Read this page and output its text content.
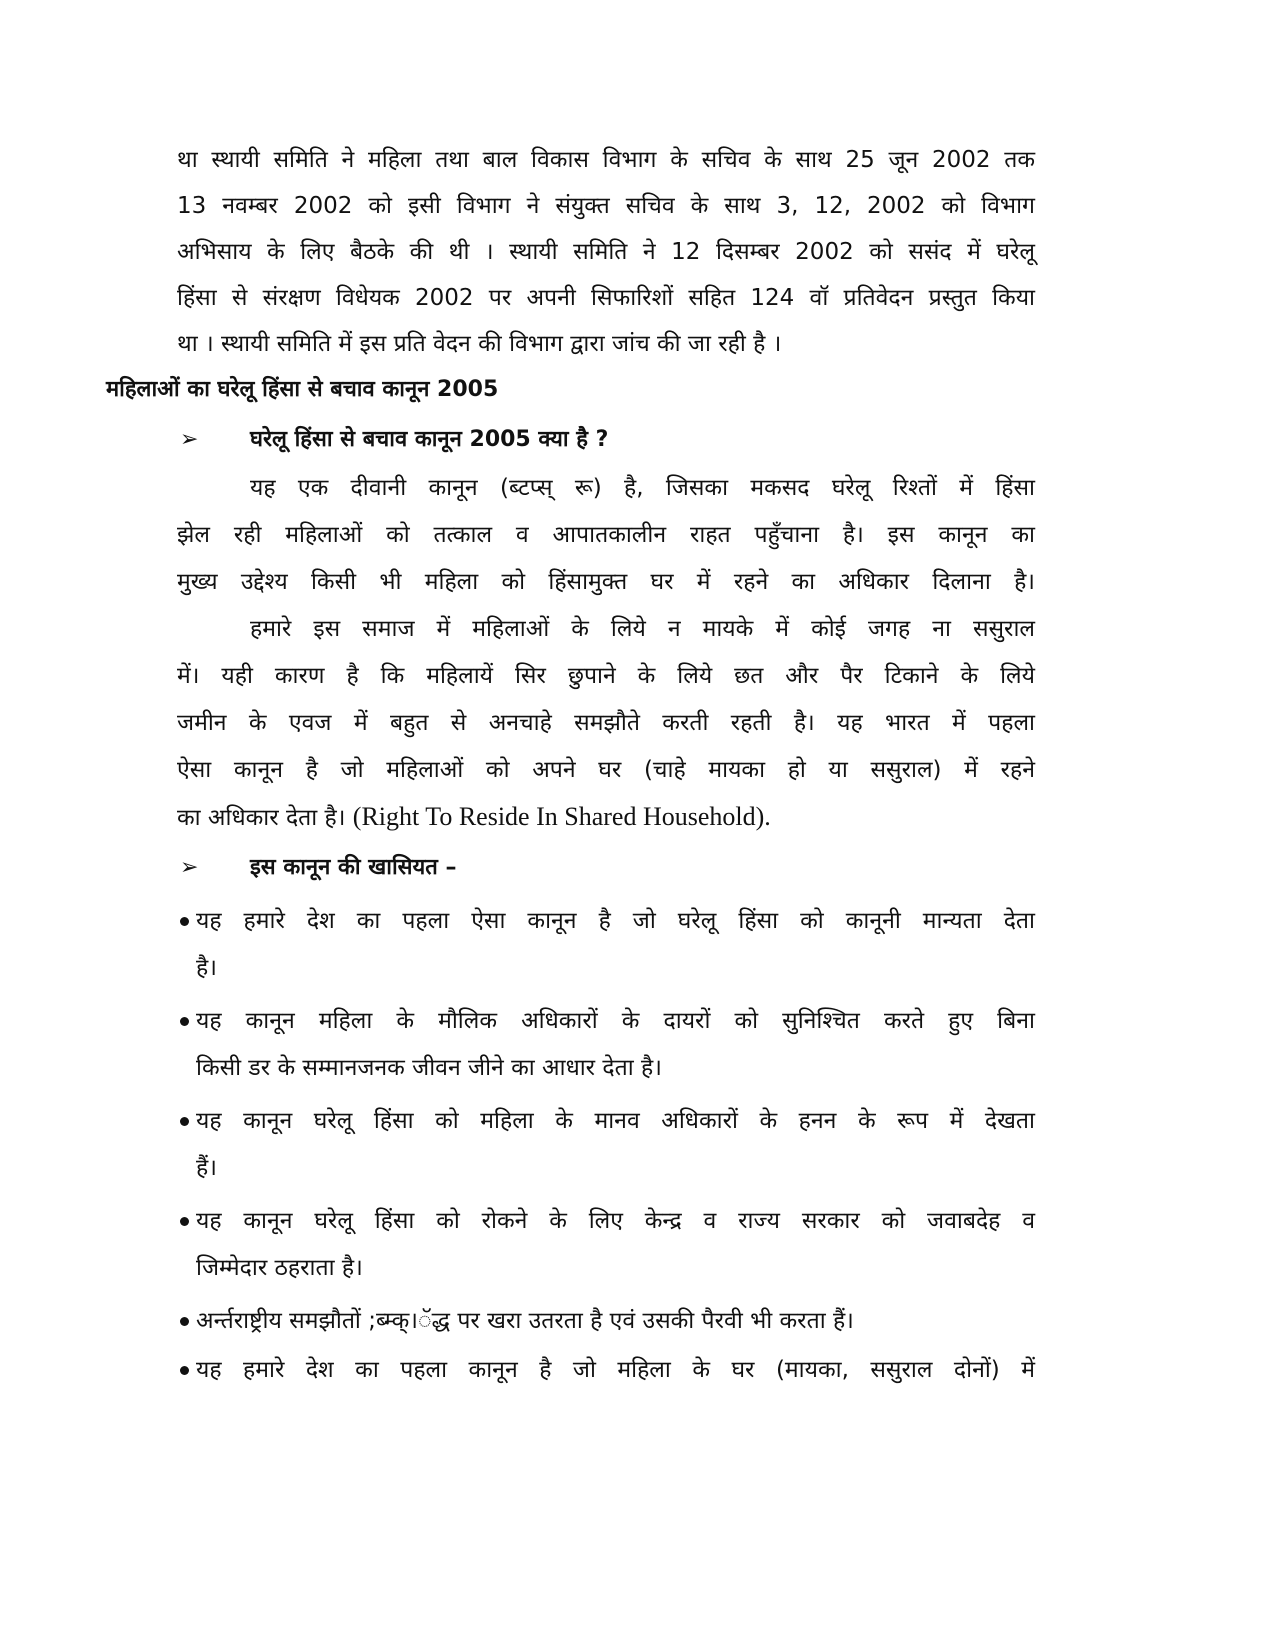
था स्थायी समिति ने महिला तथा बाल विकास विभाग के सचिव के साथ 25 जून 2002 तक
13 नवम्बर 2002 को इसी विभाग ने संयुक्त सचिव के साथ 3, 12, 2002 को विभाग
अभिसाय के लिए बैठके की थी । स्थायी समिति ने 12 दिसम्बर 2002 को ससंद में घरेलू
हिंसा से संरक्षण विधेयक 2002 पर अपनी सिफारिशों सहित 124 वॉ प्रतिवेदन प्रस्तुत किया
था । स्थायी समिति में इस प्रति वेदन की विभाग द्वारा जांच की जा रही है ।
महिलाओं का घरेलू हिंसा से बचाव कानून 2005
➢ घरेलू हिंसा से बचाव कानून 2005 क्या है ?
यह एक दीवानी कानून (ब्टप्स् रू) है, जिसका मकसद घरेलू रिश्तों में हिंसा
झेल रही महिलाओं को तत्काल व आपातकालीन राहत पहुँचाना है। इस कानून का
मुख्य उद्देश्य किसी भी महिला को हिंसामुक्त घर में रहने का अधिकार दिलाना है।
हमारे इस समाज में महिलाओं के लिये न मायके में कोई जगह ना ससुराल
में। यही कारण है कि महिलायें सिर छुपाने के लिये छत और पैर टिकाने के लिये
जमीन के एवज में बहुत से अनचाहे समझौते करती रहती है। यह भारत में पहला
ऐसा कानून है जो महिलाओं को अपने घर (चाहे मायका हो या ससुराल) में रहने
का अधिकार देता है। (Right To Reside In Shared Household).
➢ इस कानून की खासियत –
यह हमारे देश का पहला ऐसा कानून है जो घरेलू हिंसा को कानूनी मान्यता देता
है।
यह कानून महिला के मौलिक अधिकारों के दायरों को सुनिश्चित करते हुए बिना
किसी डर के सम्मानजनक जीवन जीने का आधार देता है।
यह कानून घरेलू हिंसा को महिला के मानव अधिकारों के हनन के रूप में देखता
हैं।
यह कानून घरेलू हिंसा को रोकने के लिए केन्द्र व राज्य सरकार को जवाबदेह व
जिम्मेदार ठहराता है।
अर्न्तराष्ट्रीय समझौतों ;ब्म्क्।ॅद्ध पर खरा उतरता है एवं उसकी पैरवी भी करता हैं।
यह हमारे देश का पहला कानून है जो महिला के घर (मायका, ससुराल दोनों) में
